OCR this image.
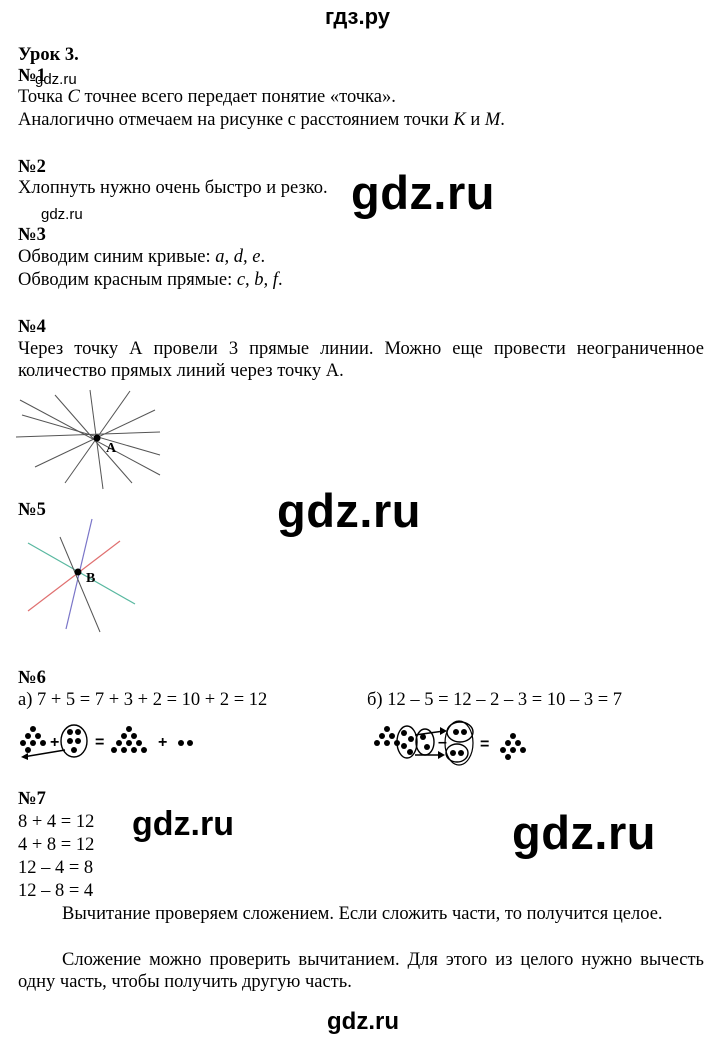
гдз.ру
Урок 3.
№1
gdz.ru
Точка C точнее всего передает понятие «точка».
Аналогично отмечаем на рисунке с расстоянием точки К и М.
№2
Хлопнуть нужно очень быстро и резко. gdz.ru
gdz.ru
№3
Обводим синим кривые: a, d, e.
Обводим красным прямые: c, b, f.
№4
Через точку А провели 3 прямые линии. Можно еще провести неограниченное количество прямых линий через точку А.
A
№5	gdz.ru
B
№6
а) 7 + 5 = 7 + 3 + 2 = 10 + 2 = 12	б) 12 – 5 = 12 – 2 – 3 = 10 – 3 = 7
+ =	+	– =
№7
8 + 4 = 12
4 + 8 = 12
12 – 4 = 8
12 – 8 = 4
gdz.ru	gdz.ru
Вычитание проверяем сложением. Если сложить части, то получится целое.
Сложение можно проверить вычитанием. Для этого из целого нужно вычесть одну часть, чтобы получить другую часть.
gdz.ru
